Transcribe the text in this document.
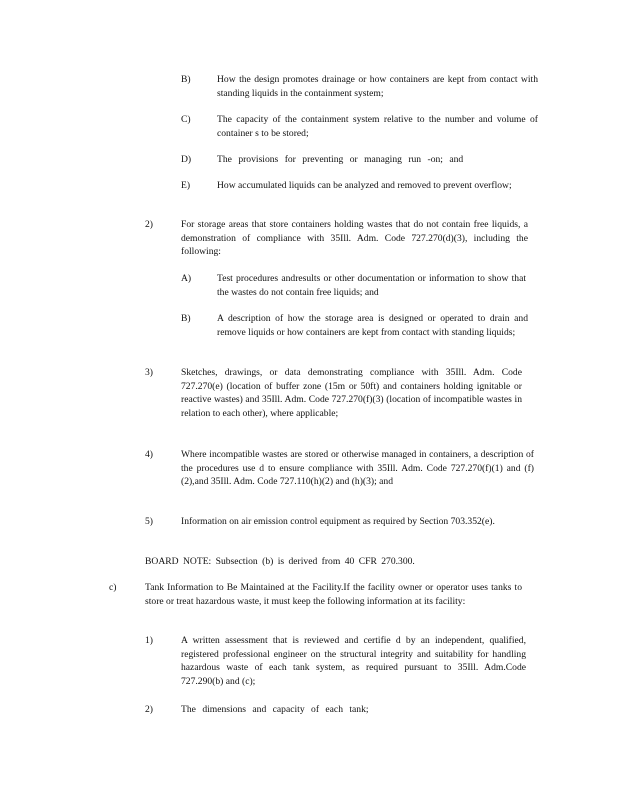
B)	How the design promotes drainage or how containers are kept from contact with standing liquids in the containment system;
C)	The capacity of the containment system relative to the number and volume of container s to be stored;
D)	The provisions for preventing or managing run -on; and
E)	How accumulated liquids can be analyzed and removed to prevent overflow;
2)	For storage areas that store containers holding wastes that do not contain free liquids, a demonstration of compliance with 35Ill. Adm. Code 727.270(d)(3), including the following:
A)	Test procedures andresults or other documentation or information to show that the wastes do not contain free liquids; and
B)	A description of how the storage area is designed or operated to drain and remove liquids or how containers are kept from contact with standing liquids;
3)	Sketches, drawings, or data demonstrating compliance with 35Ill. Adm. Code 727.270(e) (location of buffer zone (15m or 50ft) and containers holding ignitable or reactive wastes) and 35Ill. Adm. Code 727.270(f)(3) (location of incompatible wastes in relation to each other), where applicable;
4)	Where incompatible wastes are stored or otherwise managed in containers, a description of the procedures use d to ensure compliance with 35Ill. Adm. Code 727.270(f)(1) and (f)(2),and 35Ill. Adm. Code 727.110(h)(2) and (h)(3); and
5)	Information on air emission control equipment as required by Section 703.352(e).
BOARD NOTE: Subsection (b) is derived from 40 CFR 270.300.
c)	Tank Information to Be Maintained at the Facility.If the facility owner or operator uses tanks to store or treat hazardous waste, it must keep the following information at its facility:
1)	A written assessment that is reviewed and certifie d by an independent, qualified, registered professional engineer on the structural integrity and suitability for handling hazardous waste of each tank system, as required pursuant to 35Ill. Adm.Code 727.290(b) and (c);
2)	The dimensions and capacity of each tank;
